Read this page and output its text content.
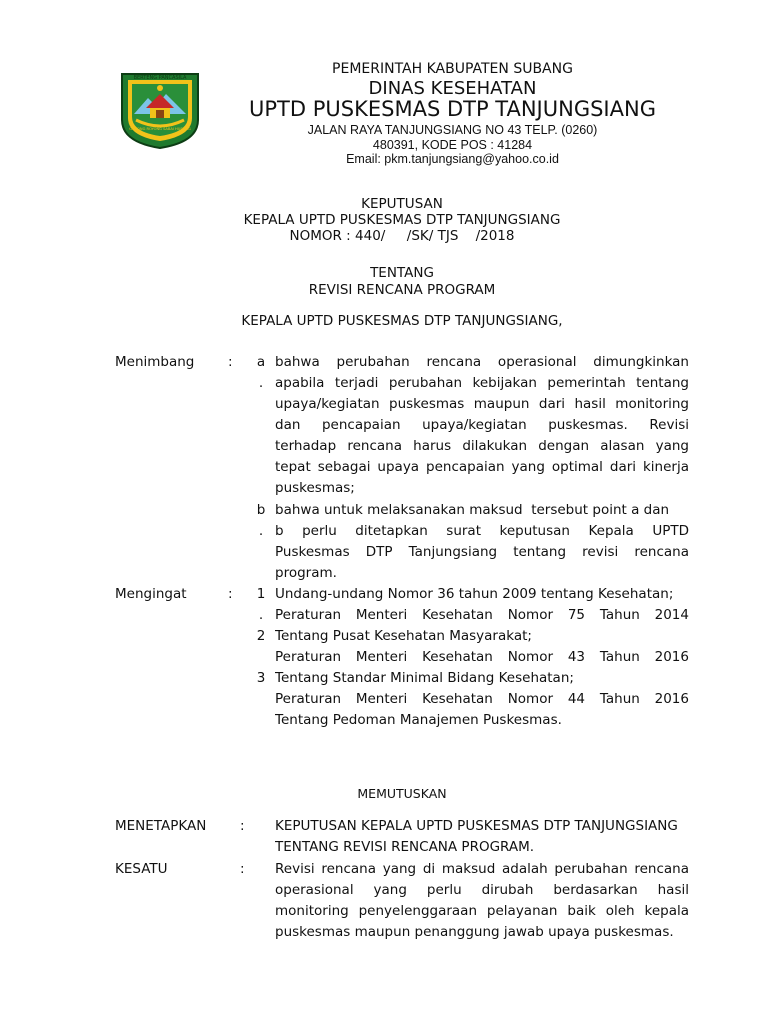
BERTENG PANCASILA
GOTONG ROYONG SABAI HUSUNG
PEMERINTAH KABUPATEN SUBANG
DINAS KESEHATAN
UPTD PUSKESMAS DTP TANJUNGSIANG
JALAN RAYA TANJUNGSIANG NO 43 TELP. (0260)
480391, KODE POS : 41284
Email: pkm.tanjungsiang@yahoo.co.id
KEPUTUSAN
KEPALA UPTD PUSKESMAS DTP TANJUNGSIANG
NOMOR : 440/     /SK/ TJS    /2018
TENTANG
REVISI RENCANA PROGRAM
KEPALA UPTD PUSKESMAS DTP TANJUNGSIANG,
Menimbang : a
.
bahwa perubahan rencana operasional dimungkinkan
apabila terjadi perubahan kebijakan pemerintah tentang
upaya/kegiatan puskesmas maupun dari hasil monitoring
dan pencapaian upaya/kegiatan puskesmas. Revisi
terhadap rencana harus dilakukan dengan alasan yang
tepat sebagai upaya pencapaian yang optimal dari kinerja
puskesmas;
b
.
bahwa untuk melaksanakan maksud  tersebut point a dan
b perlu ditetapkan surat keputusan Kepala UPTD
Puskesmas DTP Tanjungsiang tentang revisi rencana
program.
Mengingat	: 1
.
2
3
Undang-undang Nomor 36 tahun 2009 tentang Kesehatan;
Peraturan Menteri Kesehatan Nomor 75 Tahun 2014
Tentang Pusat Kesehatan Masyarakat;
Peraturan Menteri Kesehatan Nomor 43 Tahun 2016
Tentang Standar Minimal Bidang Kesehatan;
Peraturan Menteri Kesehatan Nomor 44 Tahun 2016
Tentang Pedoman Manajemen Puskesmas.
MEMUTUSKAN
MENETAPKAN : KEPUTUSAN KEPALA UPTD PUSKESMAS DTP TANJUNGSIANG
TENTANG REVISI RENCANA PROGRAM.
KESATU	: Revisi rencana yang di maksud adalah perubahan rencana
operasional yang perlu dirubah berdasarkan hasil
monitoring penyelenggaraan pelayanan baik oleh kepala
puskesmas maupun penanggung jawab upaya puskesmas.
